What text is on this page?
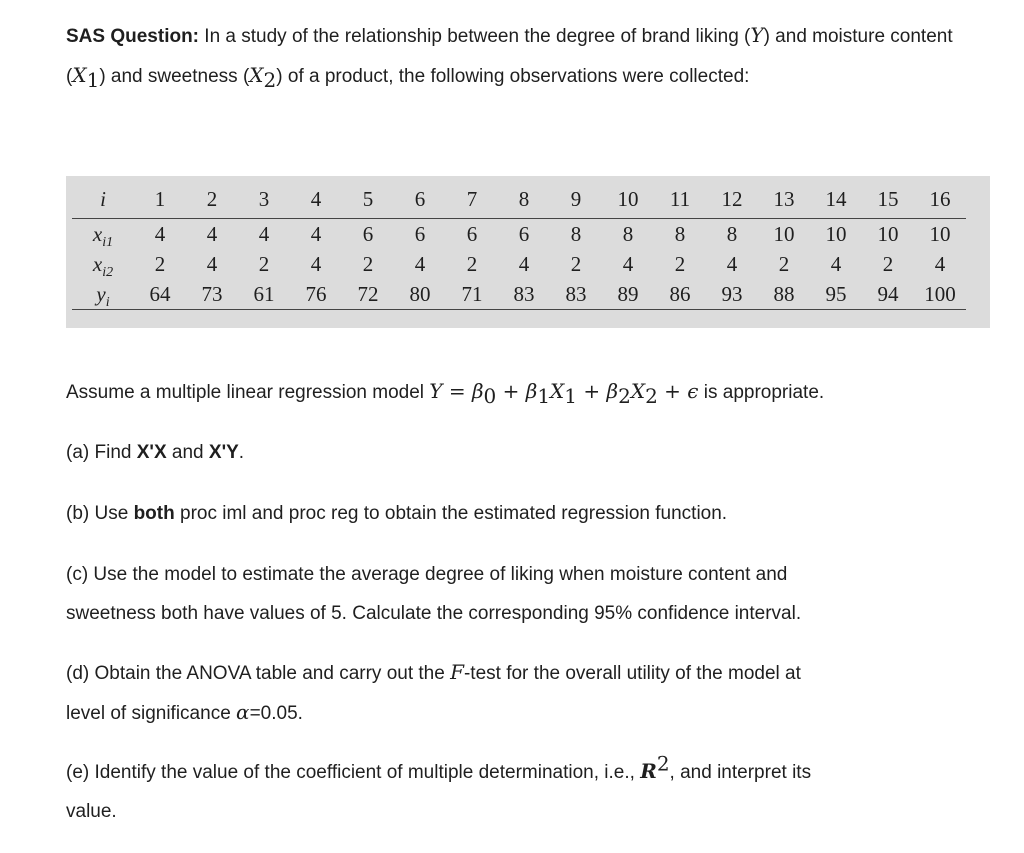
SAS Question: In a study of the relationship between the degree of brand liking (Y) and moisture content $(X_1)$ and sweetness $(X_2)$ of a product, the following observations were collected:
i	1	2	3	4	5	6	7	8	9	10	11	12	13	14	15	16
$x_{i1}$	4	4	4	4	6	6	6	6	8	8	8	8	10	10	10	10
$x_{i2}$	2	4	2	4	2	4	2	4	2	4	2	4	2	4	2	4
$y_i$	64	73	61	76	72	80	71	83	83	89	86	93	88	95	94	100
Assume a multiple linear regression model $Y = \beta_0 + \beta_1X_1 + \beta_2X_2 + \epsilon$ is appropriate.
(a) Find X'X and X'Y.
(b) Use both proc iml and proc reg to obtain the estimated regression function.
(c) Use the model to estimate the average degree of liking when moisture content and
sweetness both have values of 5. Calculate the corresponding 95% confidence interval.
(d) Obtain the ANOVA table and carry out the F-test for the overall utility of the model at
level of significance α=0.05.
(e) Identify the value of the coefficient of multiple determination, i.e., $R^2$, and interpret its
value.
